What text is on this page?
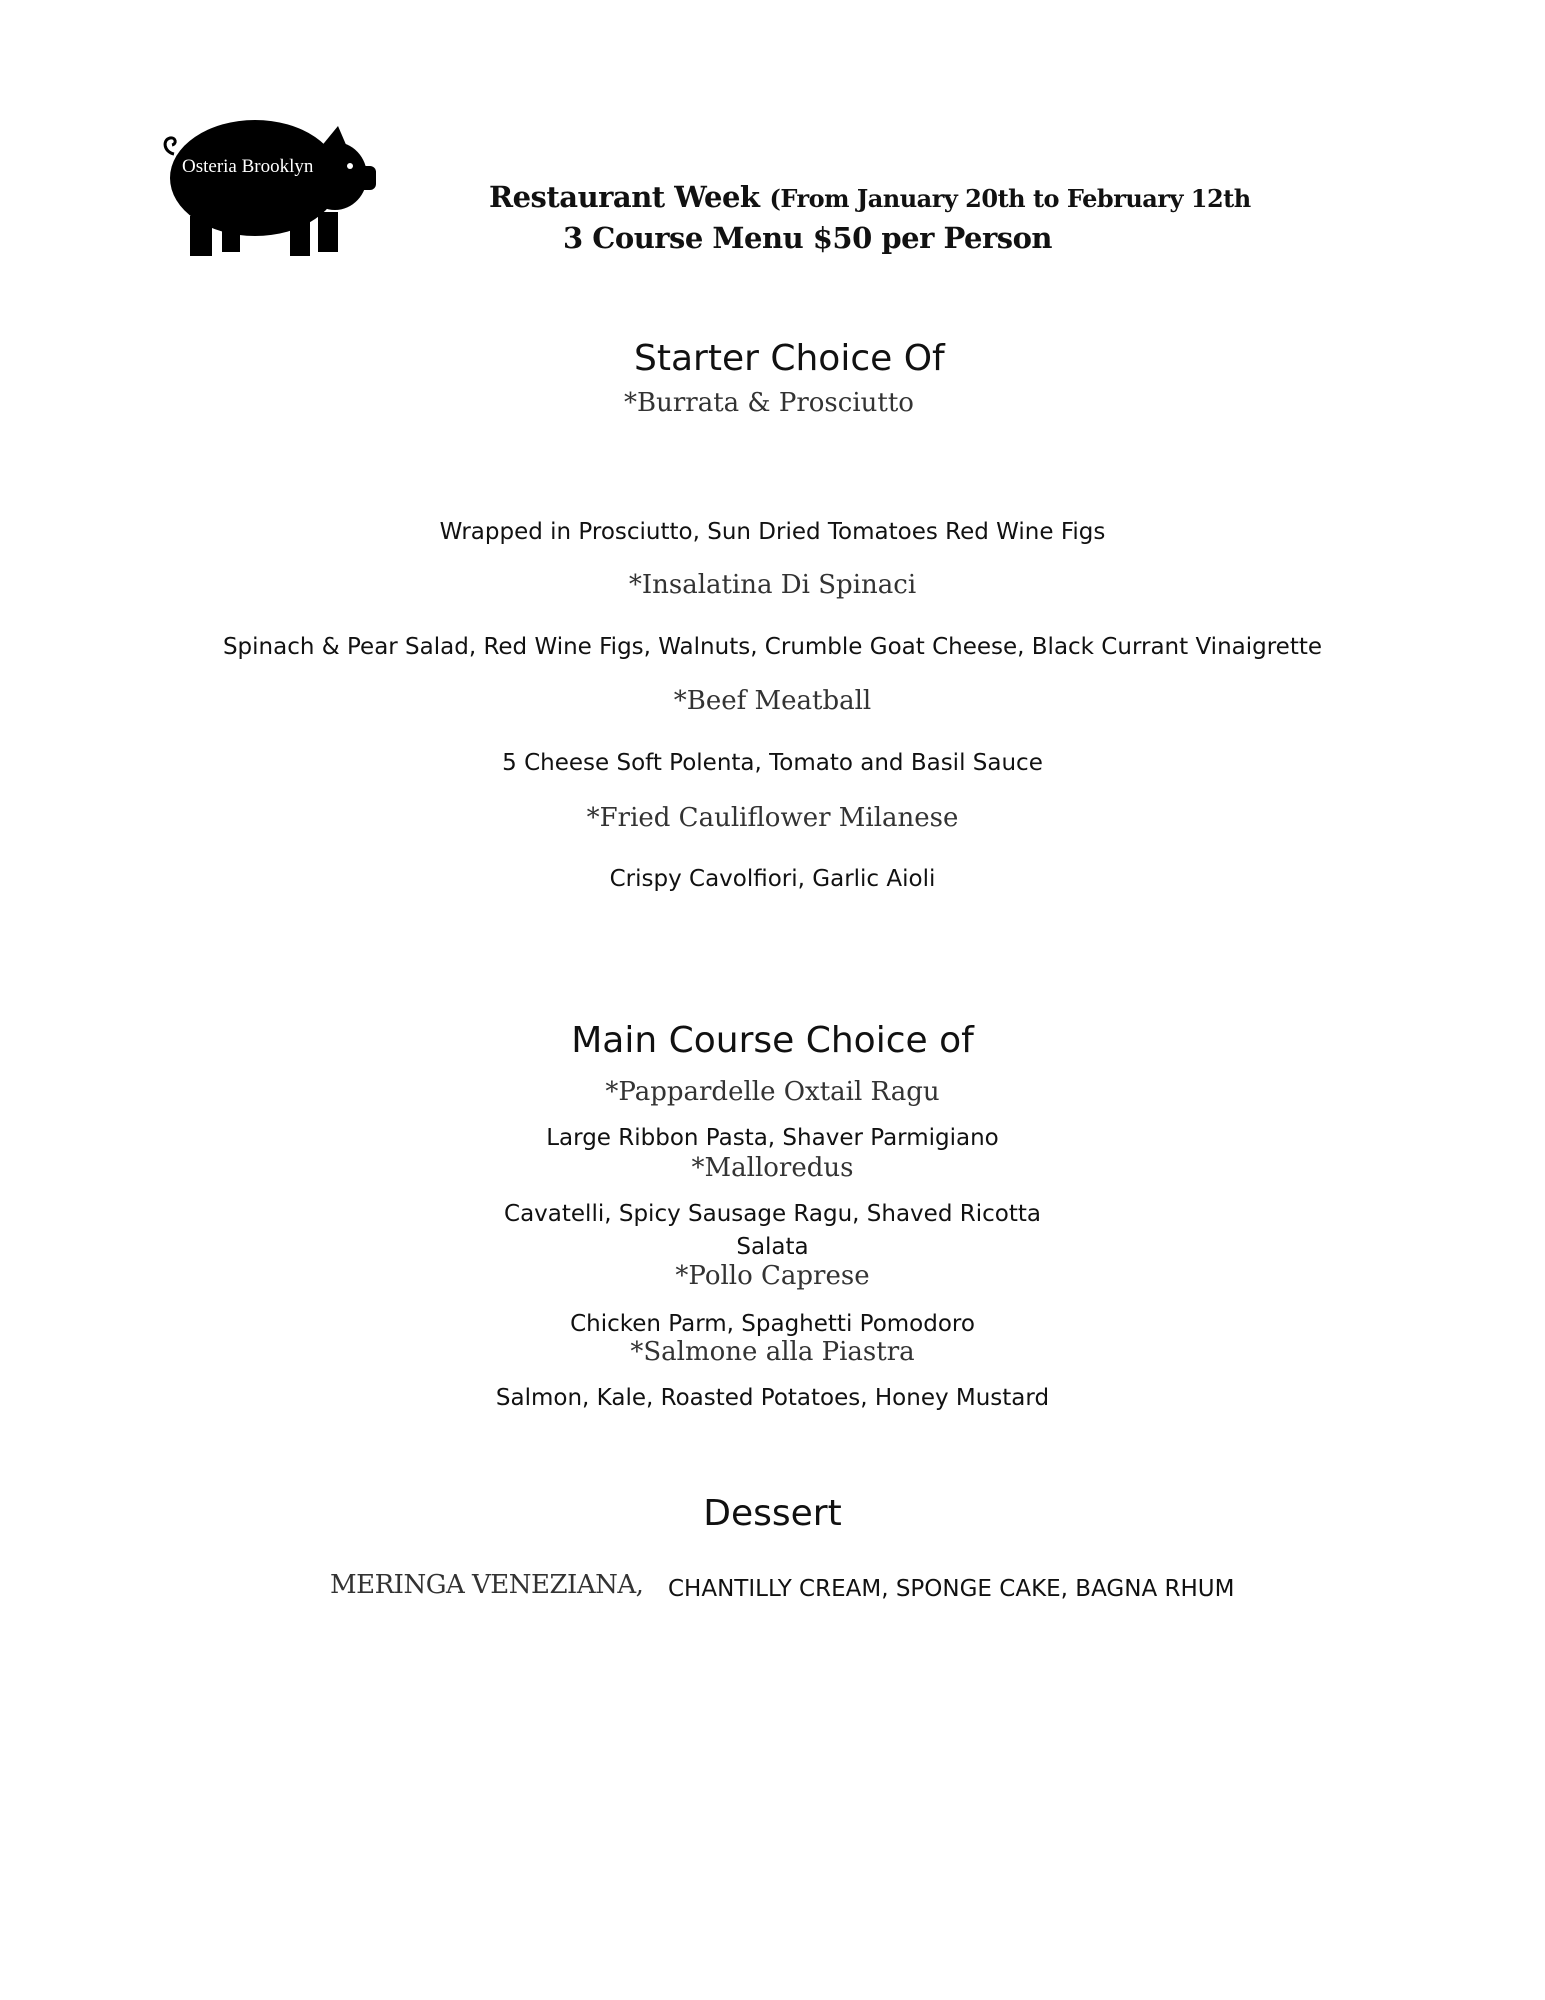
Osteria Brooklyn
Restaurant Week (From January 20th to February 12th
3 Course Menu $50 per Person
Starter Choice Of
*Burrata & Prosciutto
Wrapped in Prosciutto, Sun Dried Tomatoes Red Wine Figs
*Insalatina Di Spinaci
Spinach & Pear Salad, Red Wine Figs, Walnuts, Crumble Goat Cheese, Black Currant Vinaigrette
*Beef Meatball
5 Cheese Soft Polenta, Tomato and Basil Sauce
*Fried Cauliflower Milanese
Crispy Cavolfiori, Garlic Aioli
Main Course Choice of
*Pappardelle Oxtail Ragu
Large Ribbon Pasta, Shaver Parmigiano
*Malloredus
Cavatelli, Spicy Sausage Ragu, Shaved Ricotta
Salata
*Pollo Caprese
Chicken Parm, Spaghetti Pomodoro
*Salmone alla Piastra
Salmon, Kale, Roasted Potatoes, Honey Mustard
Dessert
MERINGA VENEZIANA, CHANTILLY CREAM, SPONGE CAKE, BAGNA RHUM
